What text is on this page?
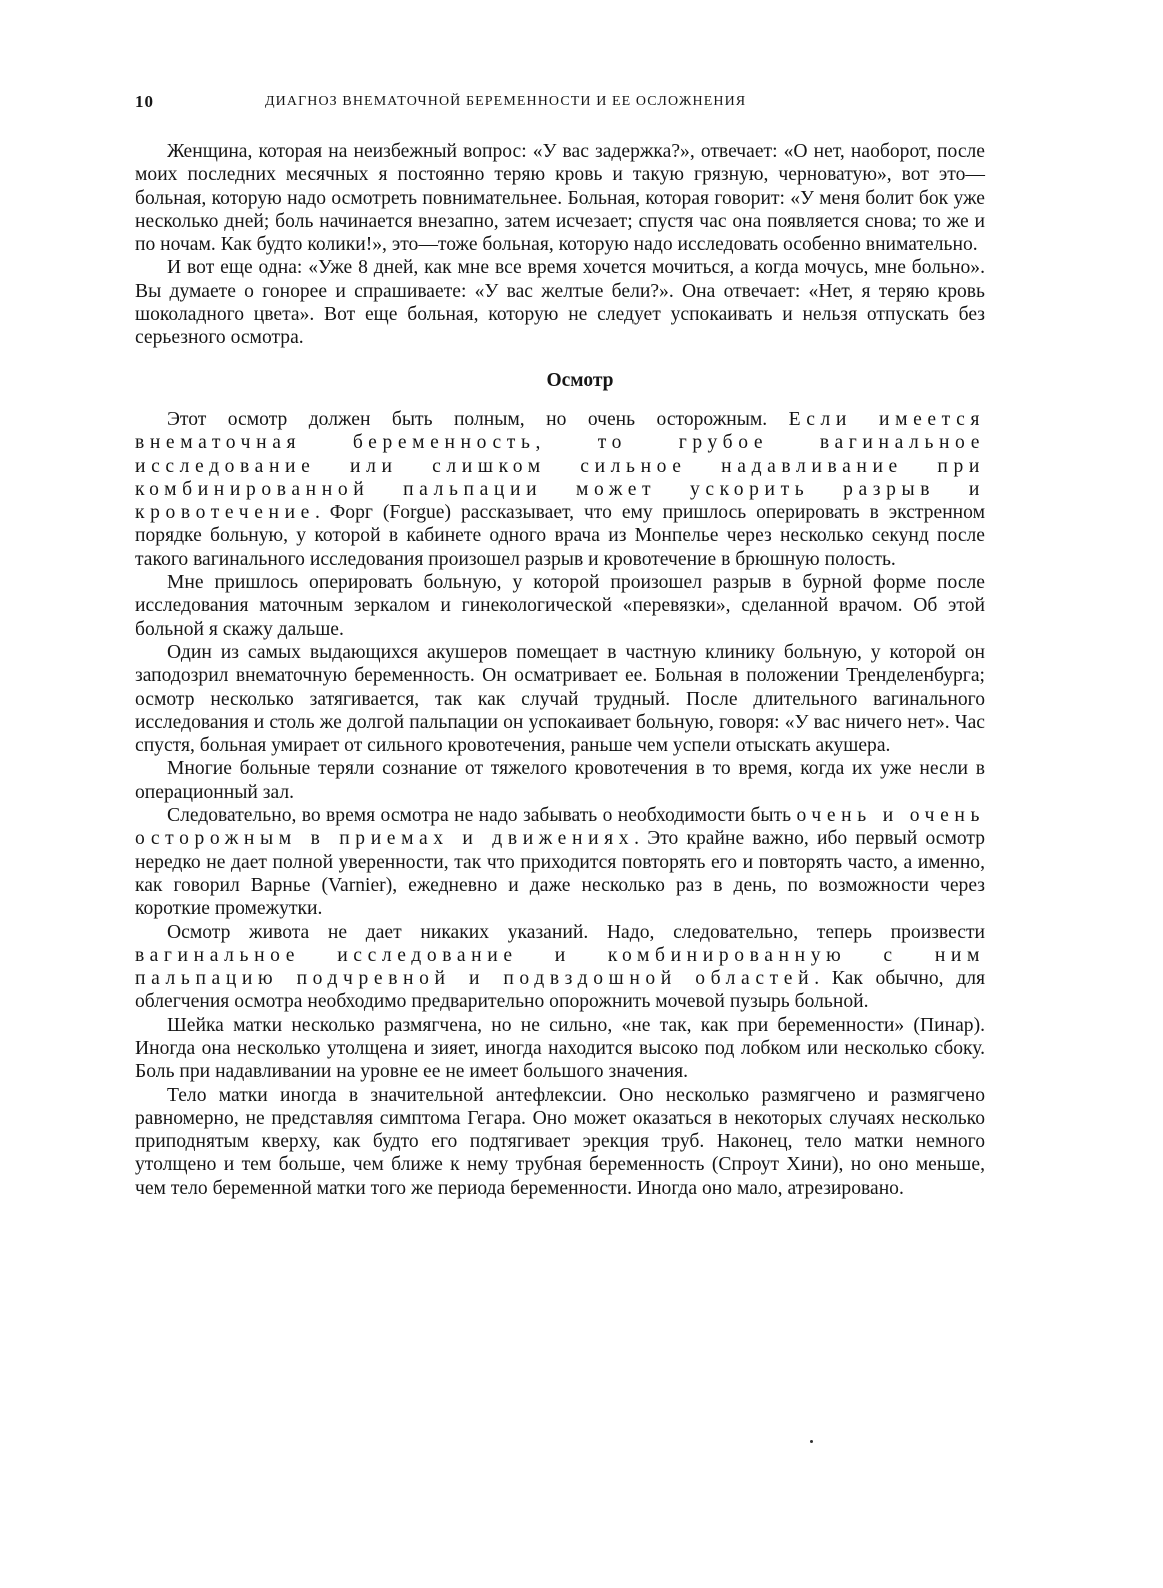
10	ДИАГНОЗ ВНЕМАТОЧНОЙ БЕРЕМЕННОСТИ И ЕЕ ОСЛОЖНЕНИЯ

Женщина, которая на неизбежный вопрос: «У вас задержка?», отвечает: «О нет, наоборот, после моих последних месячных я постоянно теряю кровь и такую грязную, черноватую», вот это—больная, которую надо осмотреть повнимательнее. Больная, которая говорит: «У меня болит бок уже несколько дней; боль начинается внезапно, затем исчезает; спустя час она появляется снова; то же и по ночам. Как будто колики!», это—тоже больная, которую надо исследовать особенно внимательно.

И вот еще одна: «Уже 8 дней, как мне все время хочется мочиться, а когда мочусь, мне больно». Вы думаете о гонорее и спрашиваете: «У вас желтые бели?». Она отвечает: «Нет, я теряю кровь шоколадного цвета». Вот еще больная, которую не следует успокаивать и нельзя отпускать без серьезного осмотра.

Осмотр

Этот осмотр должен быть полным, но очень осторожным. Если имеется внематочная беременность, то грубое вагинальное исследование или слишком сильное надавливание при комбинированной пальпации может ускорить разрыв и кровотечение. Форг (Forgue) рассказывает, что ему пришлось оперировать в экстренном порядке больную, у которой в кабинете одного врача из Монпелье через несколько секунд после такого вагинального исследования произошел разрыв и кровотечение в брюшную полость.

Мне пришлось оперировать больную, у которой произошел разрыв в бурной форме после исследования маточным зеркалом и гинекологической «перевязки», сделанной врачом. Об этой больной я скажу дальше.

Один из самых выдающихся акушеров помещает в частную клинику больную, у которой он заподозрил внематочную беременность. Он осматривает ее. Больная в положении Тренделенбурга; осмотр несколько затягивается, так как случай трудный. После длительного вагинального исследования и столь же долгой пальпации он успокаивает больную, говоря: «У вас ничего нет». Час спустя, больная умирает от сильного кровотечения, раньше чем успели отыскать акушера.

Многие больные теряли сознание от тяжелого кровотечения в то время, когда их уже несли в операционный зал.

Следовательно, во время осмотра не надо забывать о необходимости быть очень и очень осторожным в приемах и движениях. Это крайне важно, ибо первый осмотр нередко не дает полной уверенности, так что приходится повторять его и повторять часто, а именно, как говорил Варнье (Varnier), ежедневно и даже несколько раз в день, по возможности через короткие промежутки.

Осмотр живота не дает никаких указаний. Надо, следовательно, теперь произвести вагинальное исследование и комбинированную с ним пальпацию подчревной и подвздошной областей. Как обычно, для облегчения осмотра необходимо предварительно опорожнить мочевой пузырь больной.

Шейка матки несколько размягчена, но не сильно, «не так, как при беременности» (Пинар). Иногда она несколько утолщена и зияет, иногда находится высоко под лобком или несколько сбоку. Боль при надавливании на уровне ее не имеет большого значения.

Тело матки иногда в значительной антефлексии. Оно несколько размягчено и размягчено равномерно, не представляя симптома Гегара. Оно может оказаться в некоторых случаях несколько приподнятым кверху, как будто его подтягивает эрекция труб. Наконец, тело матки немного утолщено и тем больше, чем ближе к нему трубная беременность (Спроут Хини), но оно меньше, чем тело беременной матки того же периода беременности. Иногда оно мало, атрезировано.
